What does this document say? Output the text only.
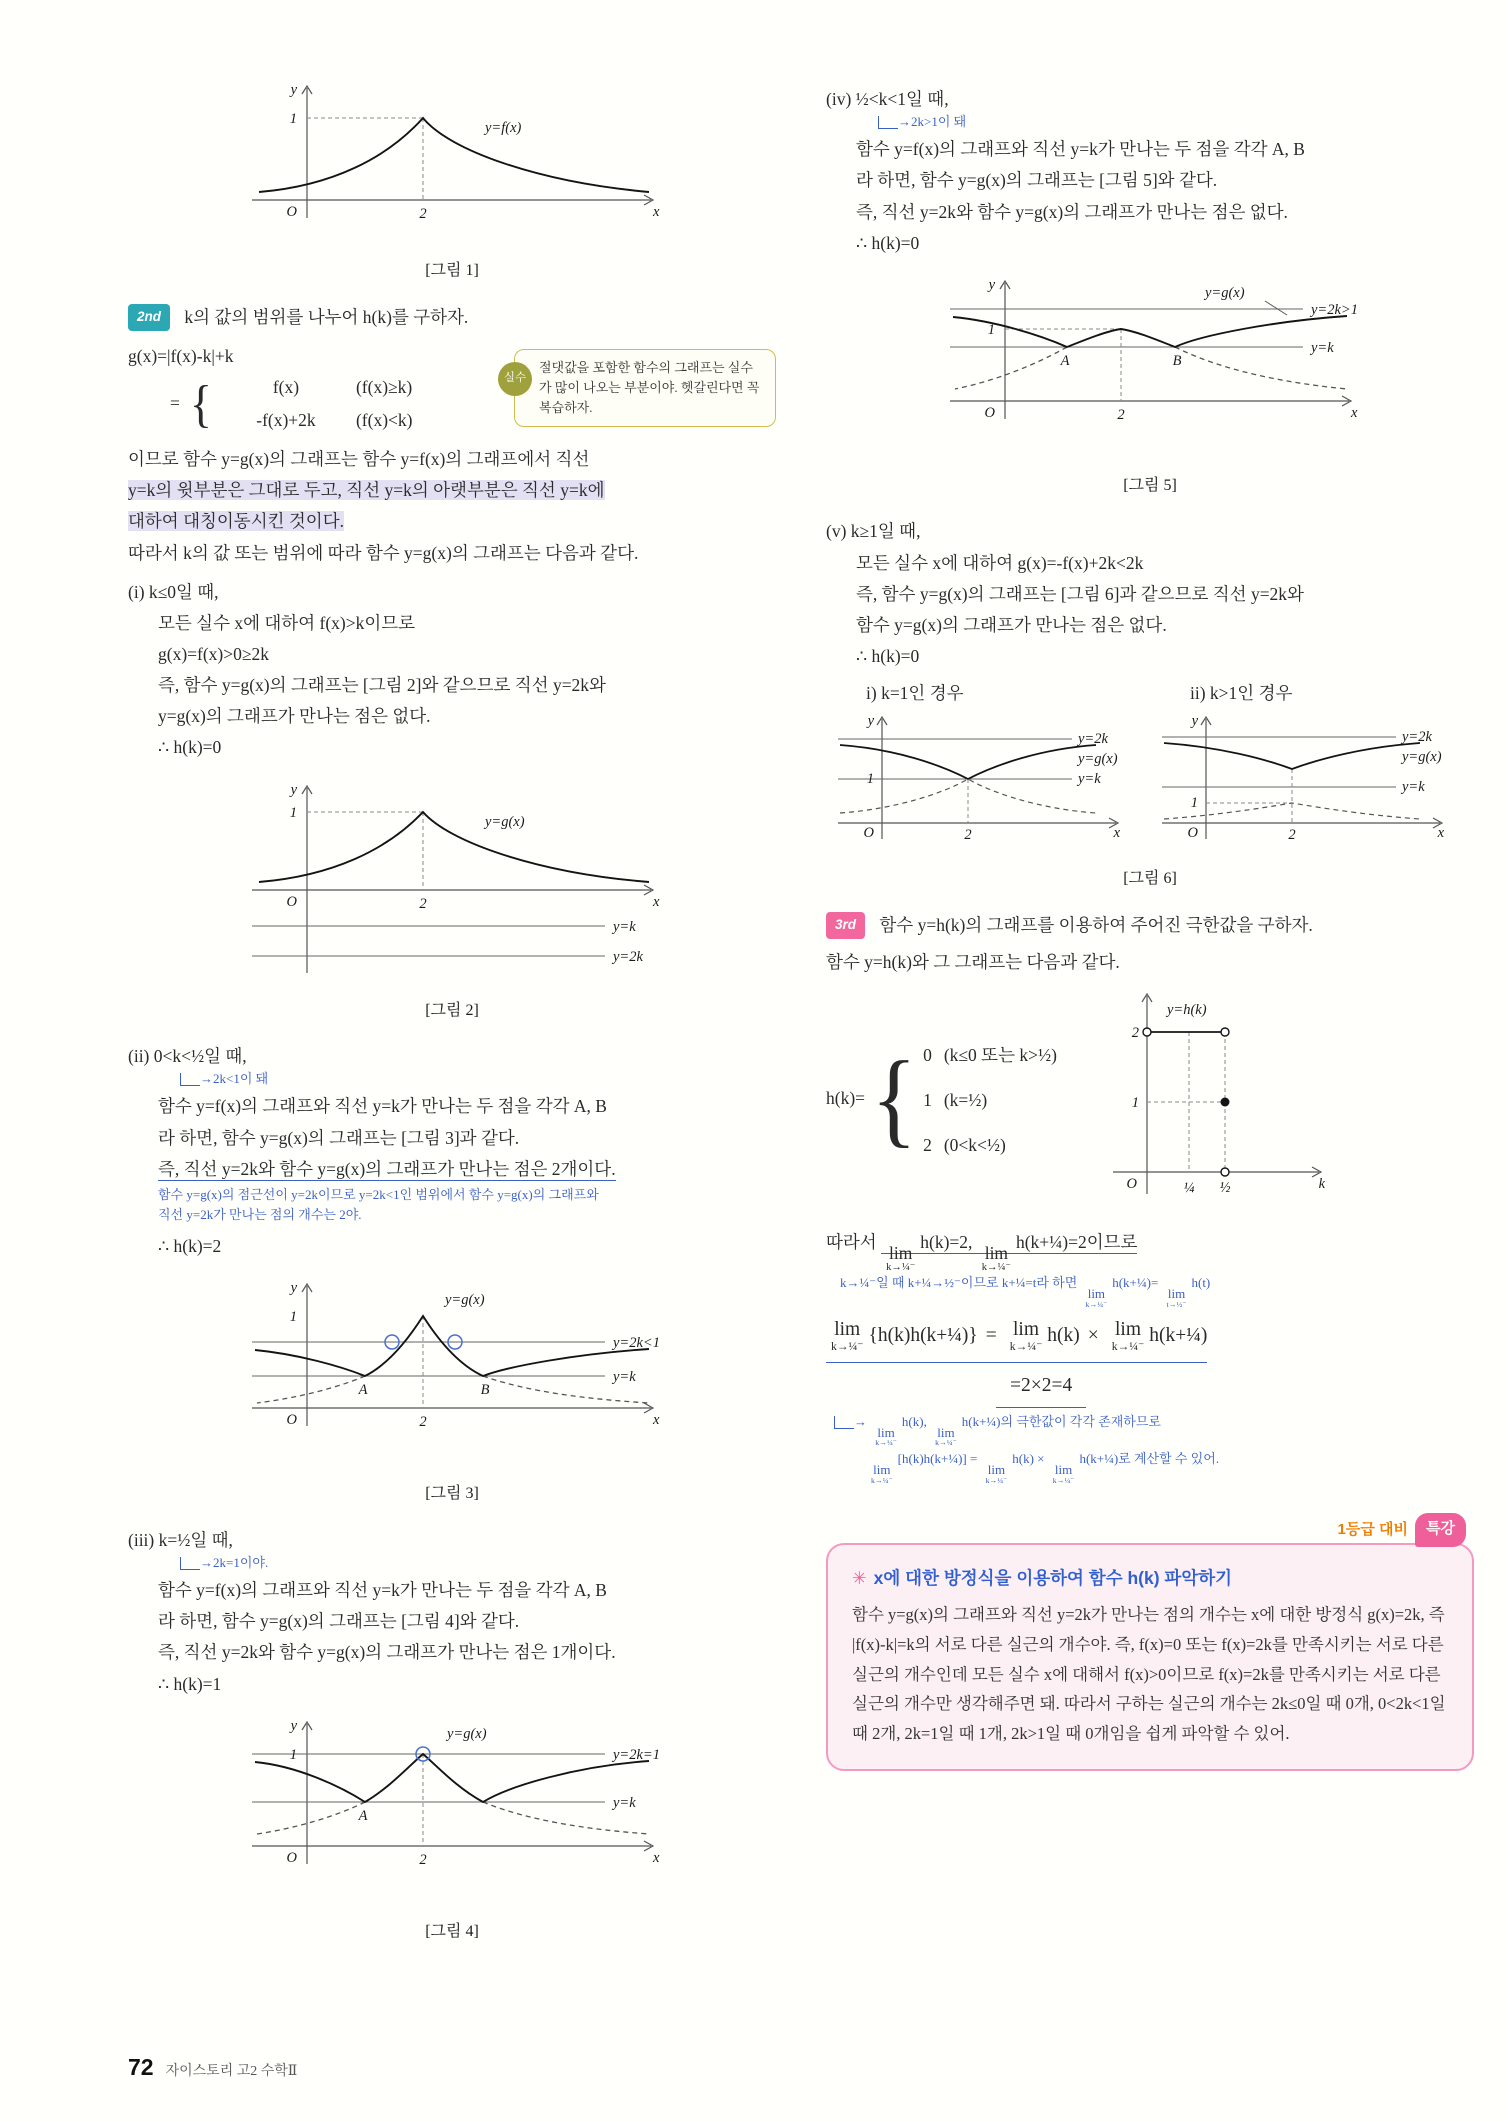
y
1
O	2	x
y=f(x)
[그림 1]
2nd k의 값의 범위를 나누어 h(k)를 구하자.
g(x)=|f(x)-k|+k
= {	f(x)	(f(x)≥k)
-f(x)+2k	(f(x)<k)
실수
절댓값을 포함한 함수의 그래프는 실수가 많이 나오는 부분이야. 헷갈린다면 꼭 복습하자.

이므로 함수 y=g(x)의 그래프는 함수 y=f(x)의 그래프에서 직선
y=k의 윗부분은 그대로 두고, 직선 y=k의 아랫부분은 직선 y=k에
대하여 대칭이동시킨 것이다.

따라서 k의 값 또는 범위에 따라 함수 y=g(x)의 그래프는 다음과 같다.

(i) k≤0일 때,

모든 실수 x에 대하여 f(x)>k이므로
g(x)=f(x)>0≥2k
즉, 함수 y=g(x)의 그래프는 [그림 2]와 같으므로 직선 y=2k와
y=g(x)의 그래프가 만나는 점은 없다.

∴ h(k)=0

y
1
O	2	x
y=g(x)
y=k
y=2k
[그림 2]

(ii) 0<k<½일 때,

→2k<1이 돼
함수 y=f(x)의 그래프와 직선 y=k가 만나는 두 점을 각각 A, B
라 하면, 함수 y=g(x)의 그래프는 [그림 3]과 같다.
즉, 직선 y=2k와 함수 y=g(x)의 그래프가 만나는 점은 2개이다.
함수 y=g(x)의 점근선이 y=2k이므로 y=2k<1인 범위에서 함수 y=g(x)의 그래프와
직선 y=2k가 만나는 점의 개수는 2야.

∴ h(k)=2

y
1
y=g(x)
y=2k<1
y=k
A	B
O	2	x
[그림 3]

(iii) k=½일 때,

→2k=1이야.
함수 y=f(x)의 그래프와 직선 y=k가 만나는 두 점을 각각 A, B
라 하면, 함수 y=g(x)의 그래프는 [그림 4]와 같다.
즉, 직선 y=2k와 함수 y=g(x)의 그래프가 만나는 점은 1개이다.

∴ h(k)=1

y
1
y=g(x)
y=2k=1
y=k
A
O	2	x
[그림 4]

(iv) ½<k<1일 때,

→2k>1이 돼
함수 y=f(x)의 그래프와 직선 y=k가 만나는 두 점을 각각 A, B
라 하면, 함수 y=g(x)의 그래프는 [그림 5]와 같다.
즉, 직선 y=2k와 함수 y=g(x)의 그래프가 만나는 점은 없다.

∴ h(k)=0

y=g(x)
y=2k>1
y=k
y
1
A	B
O	2	x
[그림 5]

(v) k≥1일 때,

모든 실수 x에 대하여 g(x)=-f(x)+2k<2k
즉, 함수 y=g(x)의 그래프는 [그림 6]과 같으므로 직선 y=2k와
함수 y=g(x)의 그래프가 만나는 점은 없다.

∴ h(k)=0

i) k=1인 경우	ii) k>1인 경우
y
y=2k
y=g(x)
y=k
1
O	2	x
y
y=2k
y=g(x)
y=k
1
O	2	x
[그림 6]
3rd 함수 y=h(k)의 그래프를 이용하여 주어진 극한값을 구하자.

함수 y=h(k)와 그 그래프는 다음과 같다.

h(k)= { 0 (k≤0 또는 k>½)
1 (k=½)
2 (0<k<½)
2
1
y=h(k)
O	¼ ½	k

따라서
lim
k→¼⁻
h(k)=2,
lim
k→¼⁻
h(k+¼)=2이므로

k→¼⁻일 때 k+¼→½⁻이므로 k+¼=t라 하면
lim
k→¼⁻
h(k+¼)=
lim
t→½⁻
h(t)

lim
k→¼⁻ {h(k)h(k+¼)} = lim
k→¼⁻ h(k) × lim
k→¼⁻ h(k+¼)
=2×2=4

→
lim
k→¼⁻
h(k),
lim
k→¼⁻
h(k+¼)의 극한값이 각각 존재하므로

lim
k→¼⁻
[h(k)h(k+¼)] =
lim
k→¼⁻
h(k) ×
lim
k→¼⁻
h(k+¼)로 계산할 수 있어.

1등급 대비	특강
✳ x에 대한 방정식을 이용하여 함수 h(k) 파악하기

함수 y=g(x)의 그래프와 직선 y=2k가 만나는 점의 개수는 x에 대한 방정식 g(x)=2k, 즉 |f(x)-k|=k의 서로 다른 실근의 개수야. 즉, f(x)=0 또는 f(x)=2k를 만족시키는 서로 다른 실근의 개수인데 모든 실수 x에 대해서 f(x)>0이므로 f(x)=2k를 만족시키는 서로 다른 실근의 개수만 생각해주면 돼. 따라서 구하는 실근의 개수는 2k≤0일 때 0개, 0<2k<1일 때 2개, 2k=1일 때 1개, 2k>1일 때 0개임을 쉽게 파악할 수 있어.

72 자이스토리 고2 수학Ⅱ
